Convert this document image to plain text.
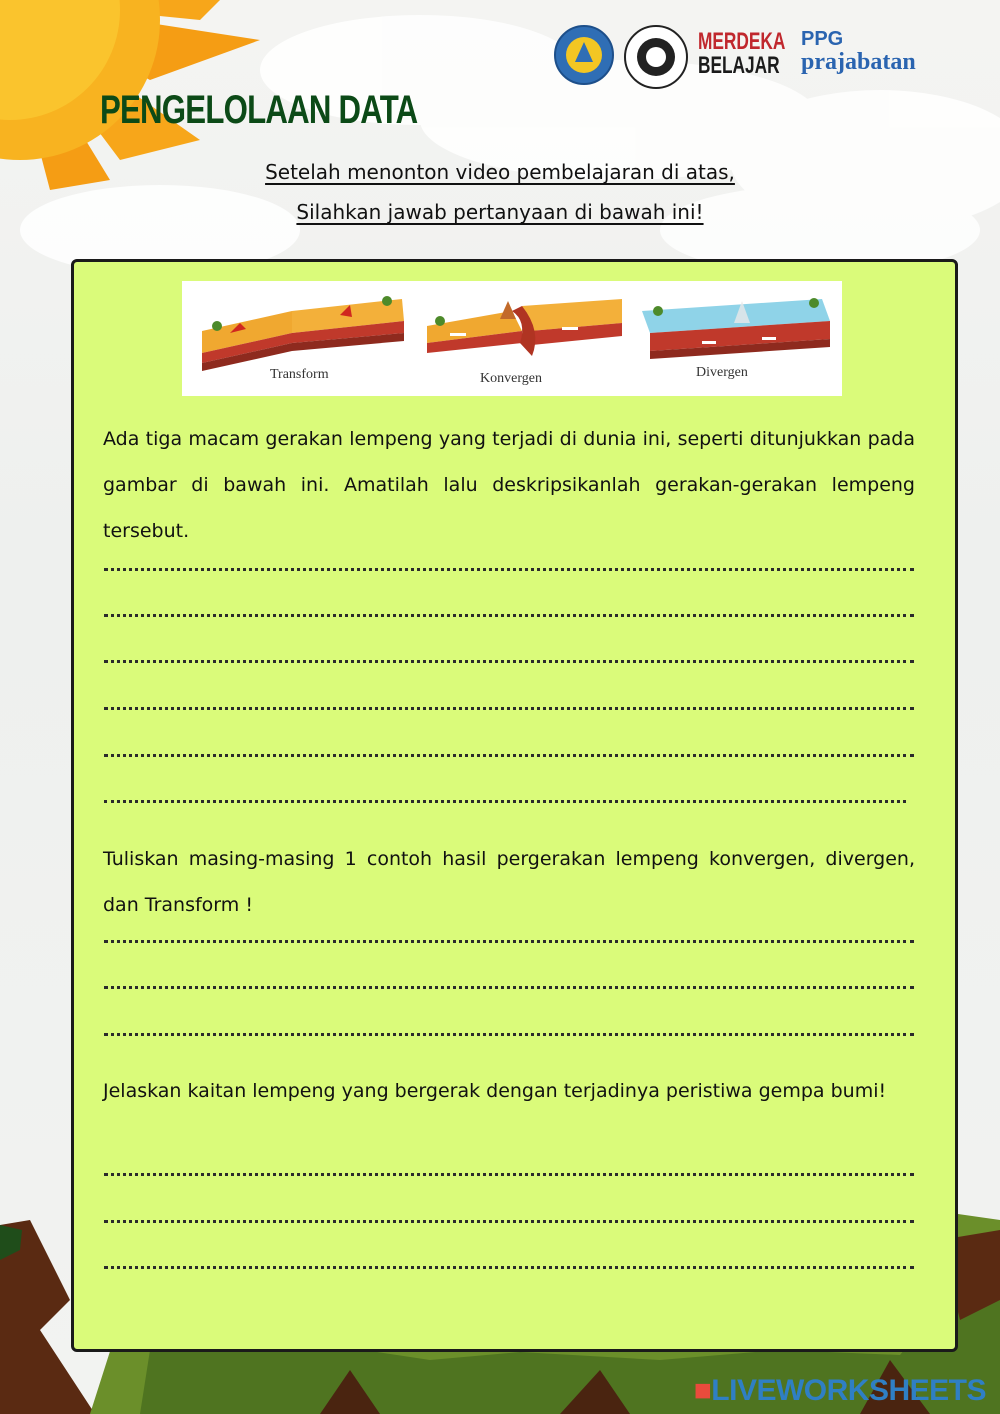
MERDEKA
BELAJAR
PPG
prajabatan
PENGELOLAAN DATA
Setelah menonton video pembelajaran di atas,
Silahkan jawab pertanyaan di bawah ini!
Transform	Konvergen	Divergen

Ada tiga macam gerakan lempeng yang terjadi di dunia ini, seperti ditunjukkan pada gambar di bawah ini. Amatilah lalu deskripsikanlah gerakan-gerakan lempeng tersebut.

Tuliskan masing-masing 1 contoh hasil pergerakan lempeng konvergen, divergen, dan Transform !

Jelaskan kaitan lempeng yang bergerak dengan terjadinya peristiwa gempa bumi!

■LIVEWORKSHEETS
